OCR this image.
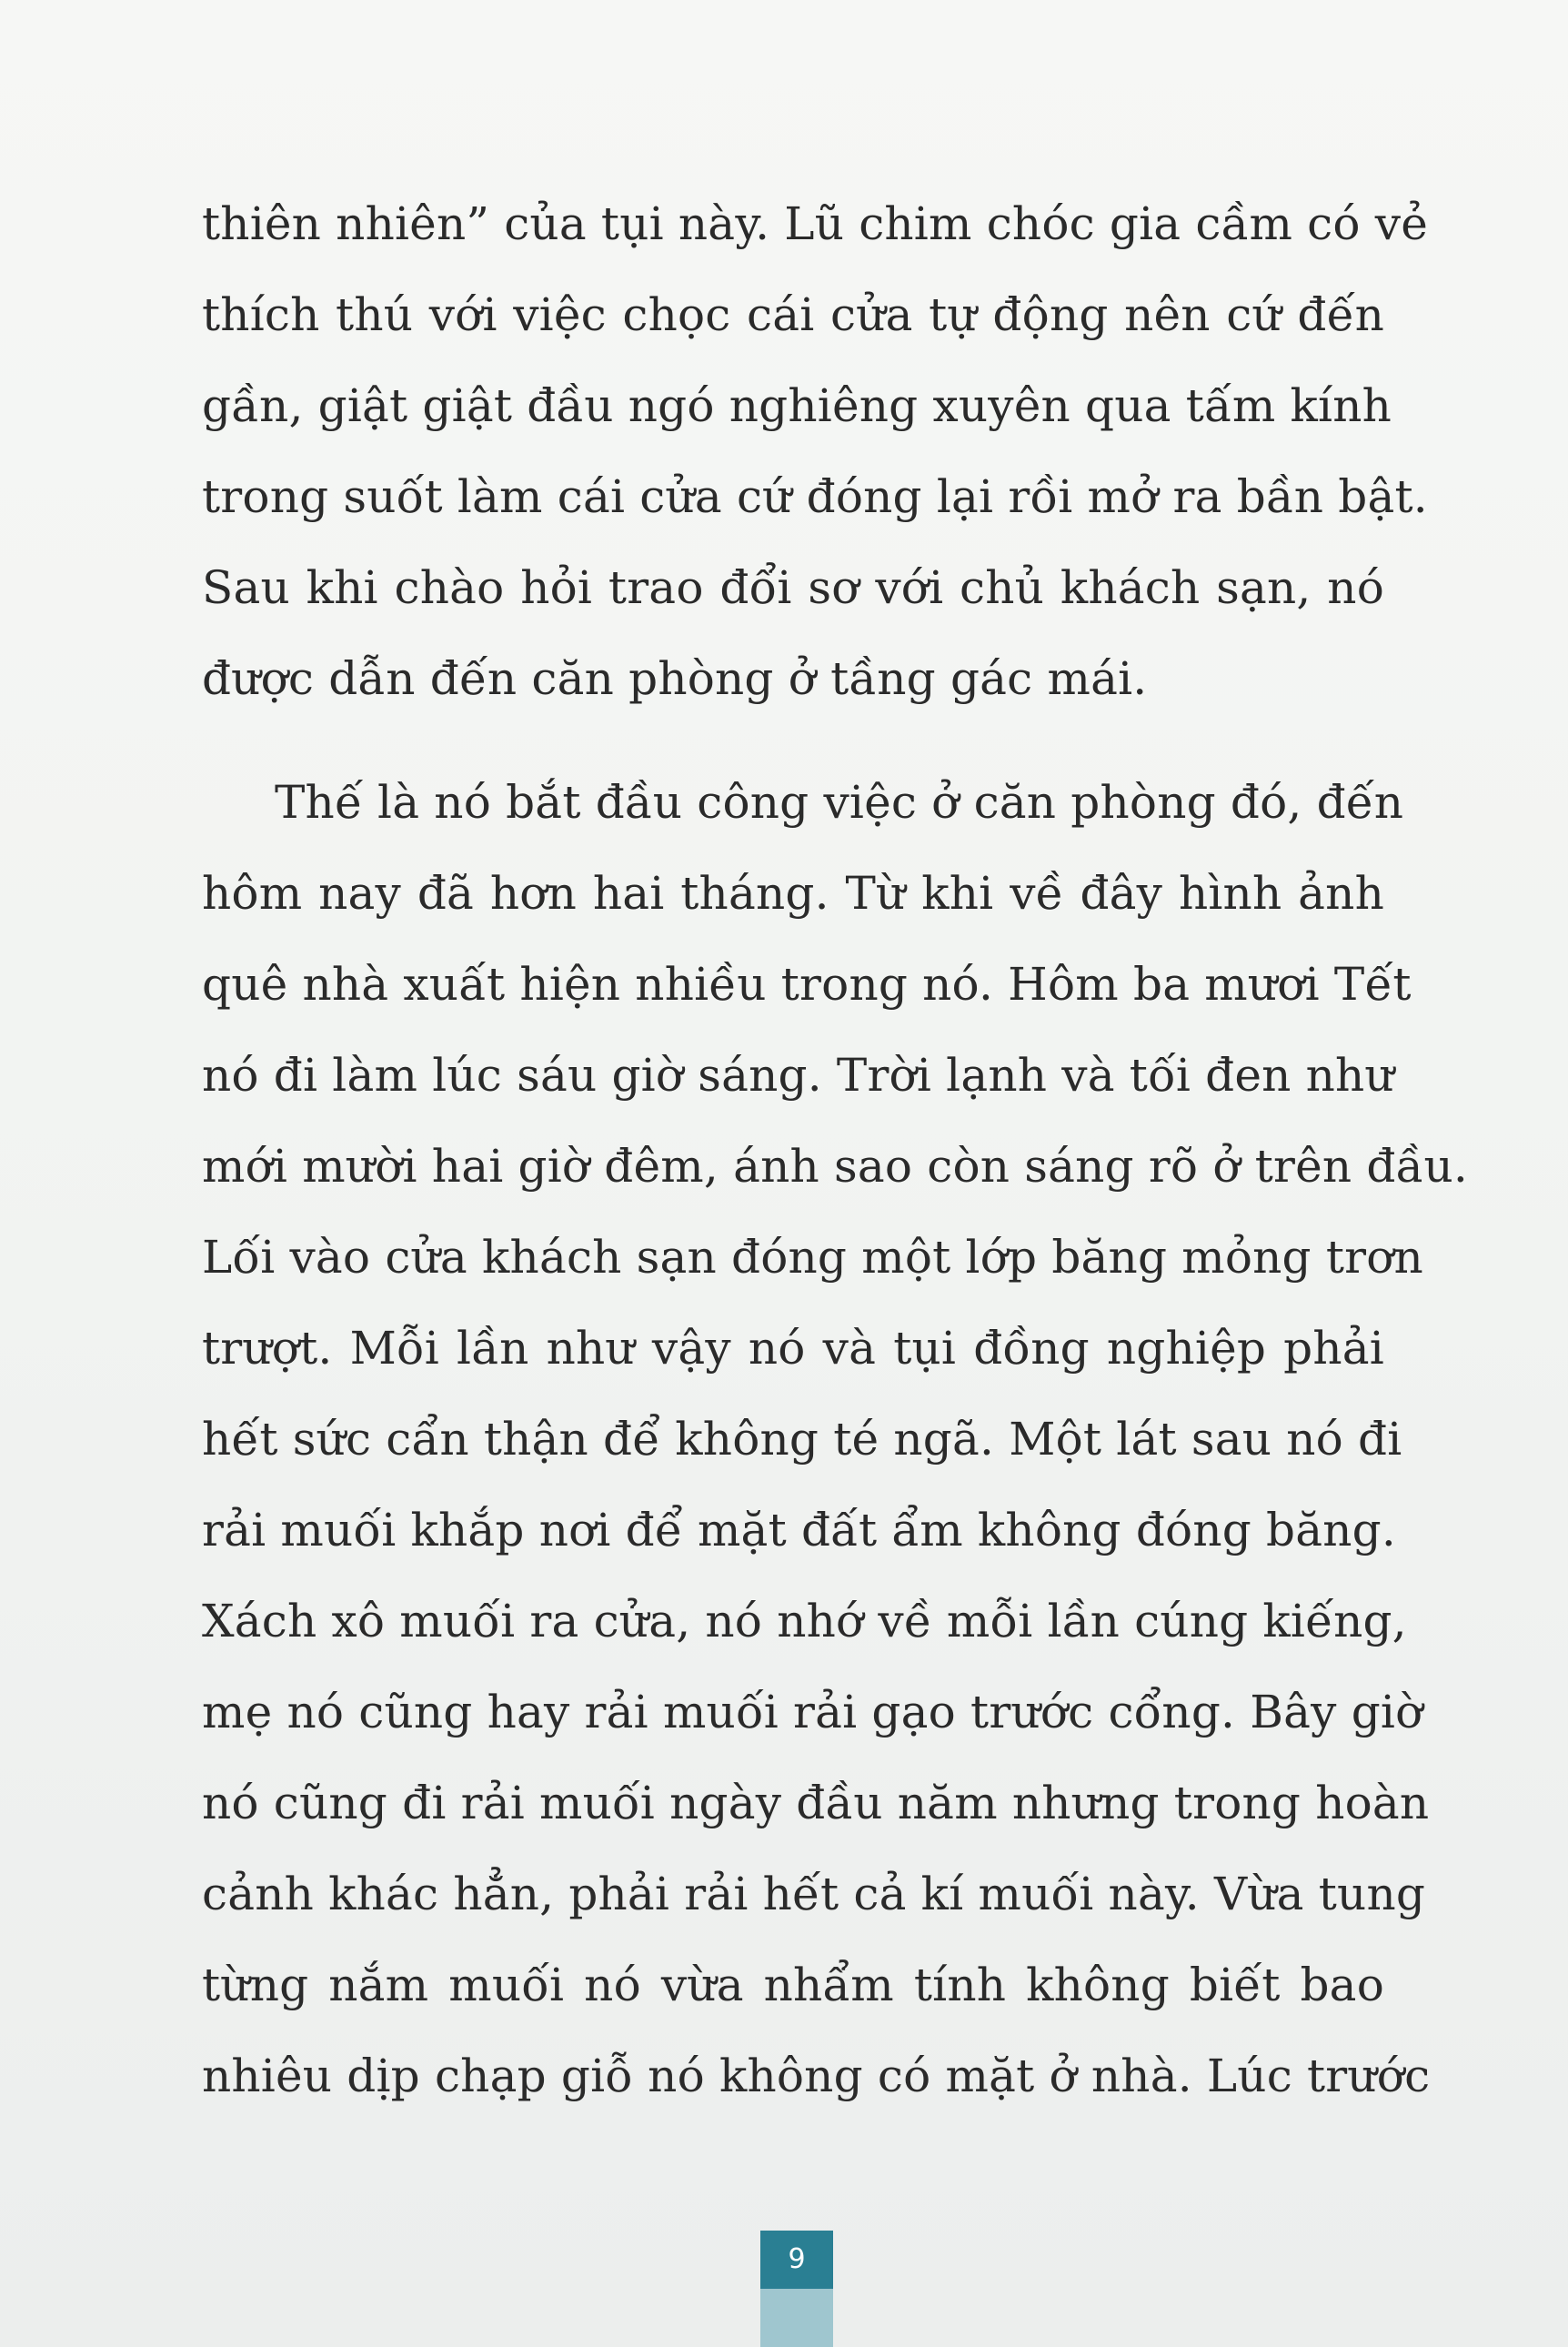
thiên nhiên” của tụi này. Lũ chim chóc gia cầm có vẻ
thích thú với việc chọc cái cửa tự động nên cứ đến
gần, giật giật đầu ngó nghiêng xuyên qua tấm kính
trong suốt làm cái cửa cứ đóng lại rồi mở ra bần bật.
Sau khi chào hỏi trao đổi sơ với chủ khách sạn, nó
được dẫn đến căn phòng ở tầng gác mái.
Thế là nó bắt đầu công việc ở căn phòng đó, đến
hôm nay đã hơn hai tháng. Từ khi về đây hình ảnh
quê nhà xuất hiện nhiều trong nó. Hôm ba mươi Tết
nó đi làm lúc sáu giờ sáng. Trời lạnh và tối đen như
mới mười hai giờ đêm, ánh sao còn sáng rõ ở trên đầu.
Lối vào cửa khách sạn đóng một lớp băng mỏng trơn
trượt. Mỗi lần như vậy nó và tụi đồng nghiệp phải
hết sức cẩn thận để không té ngã. Một lát sau nó đi
rải muối khắp nơi để mặt đất ẩm không đóng băng.
Xách xô muối ra cửa, nó nhớ về mỗi lần cúng kiếng,
mẹ nó cũng hay rải muối rải gạo trước cổng. Bây giờ
nó cũng đi rải muối ngày đầu năm nhưng trong hoàn
cảnh khác hẳn, phải rải hết cả kí muối này. Vừa tung
từng nắm muối nó vừa nhẩm tính không biết bao
nhiêu dịp chạp giỗ nó không có mặt ở nhà. Lúc trước
9
